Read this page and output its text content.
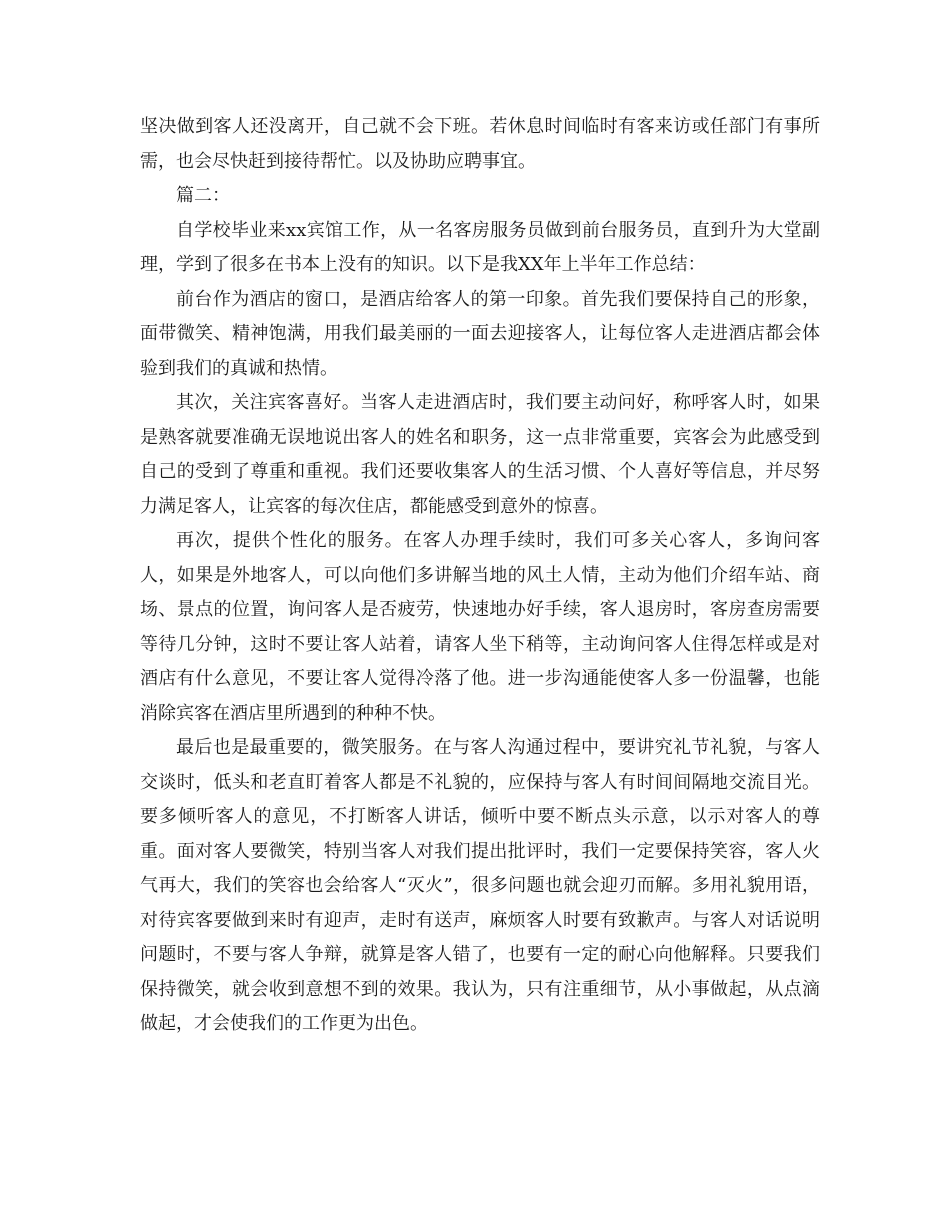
坚决做到客人还没离开，自己就不会下班。若休息时间临时有客来访或任部门有事所需，也会尽快赶到接待帮忙。以及协助应聘事宜。

篇二：

自学校毕业来xx宾馆工作，从一名客房服务员做到前台服务员，直到升为大堂副理，学到了很多在书本上没有的知识。以下是我XX年上半年工作总结：

前台作为酒店的窗口，是酒店给客人的第一印象。首先我们要保持自己的形象，面带微笑、精神饱满，用我们最美丽的一面去迎接客人，让每位客人走进酒店都会体验到我们的真诚和热情。

其次，关注宾客喜好。当客人走进酒店时，我们要主动问好，称呼客人时，如果是熟客就要准确无误地说出客人的姓名和职务，这一点非常重要，宾客会为此感受到自己的受到了尊重和重视。我们还要收集客人的生活习惯、个人喜好等信息，并尽努力满足客人，让宾客的每次住店，都能感受到意外的惊喜。

再次，提供个性化的服务。在客人办理手续时，我们可多关心客人，多询问客人，如果是外地客人，可以向他们多讲解当地的风土人情，主动为他们介绍车站、商场、景点的位置，询问客人是否疲劳，快速地办好手续，客人退房时，客房查房需要等待几分钟，这时不要让客人站着，请客人坐下稍等，主动询问客人住得怎样或是对酒店有什么意见，不要让客人觉得冷落了他。进一步沟通能使客人多一份温馨，也能消除宾客在酒店里所遇到的种种不快。

最后也是最重要的，微笑服务。在与客人沟通过程中，要讲究礼节礼貌，与客人交谈时，低头和老直盯着客人都是不礼貌的，应保持与客人有时间间隔地交流目光。要多倾听客人的意见，不打断客人讲话，倾听中要不断点头示意，以示对客人的尊重。面对客人要微笑，特别当客人对我们提出批评时，我们一定要保持笑容，客人火气再大，我们的笑容也会给客人“灭火”，很多问题也就会迎刃而解。多用礼貌用语，对待宾客要做到来时有迎声，走时有送声，麻烦客人时要有致歉声。与客人对话说明问题时，不要与客人争辩，就算是客人错了，也要有一定的耐心向他解释。只要我们保持微笑，就会收到意想不到的效果。我认为，只有注重细节，从小事做起，从点滴做起，才会使我们的工作更为出色。
